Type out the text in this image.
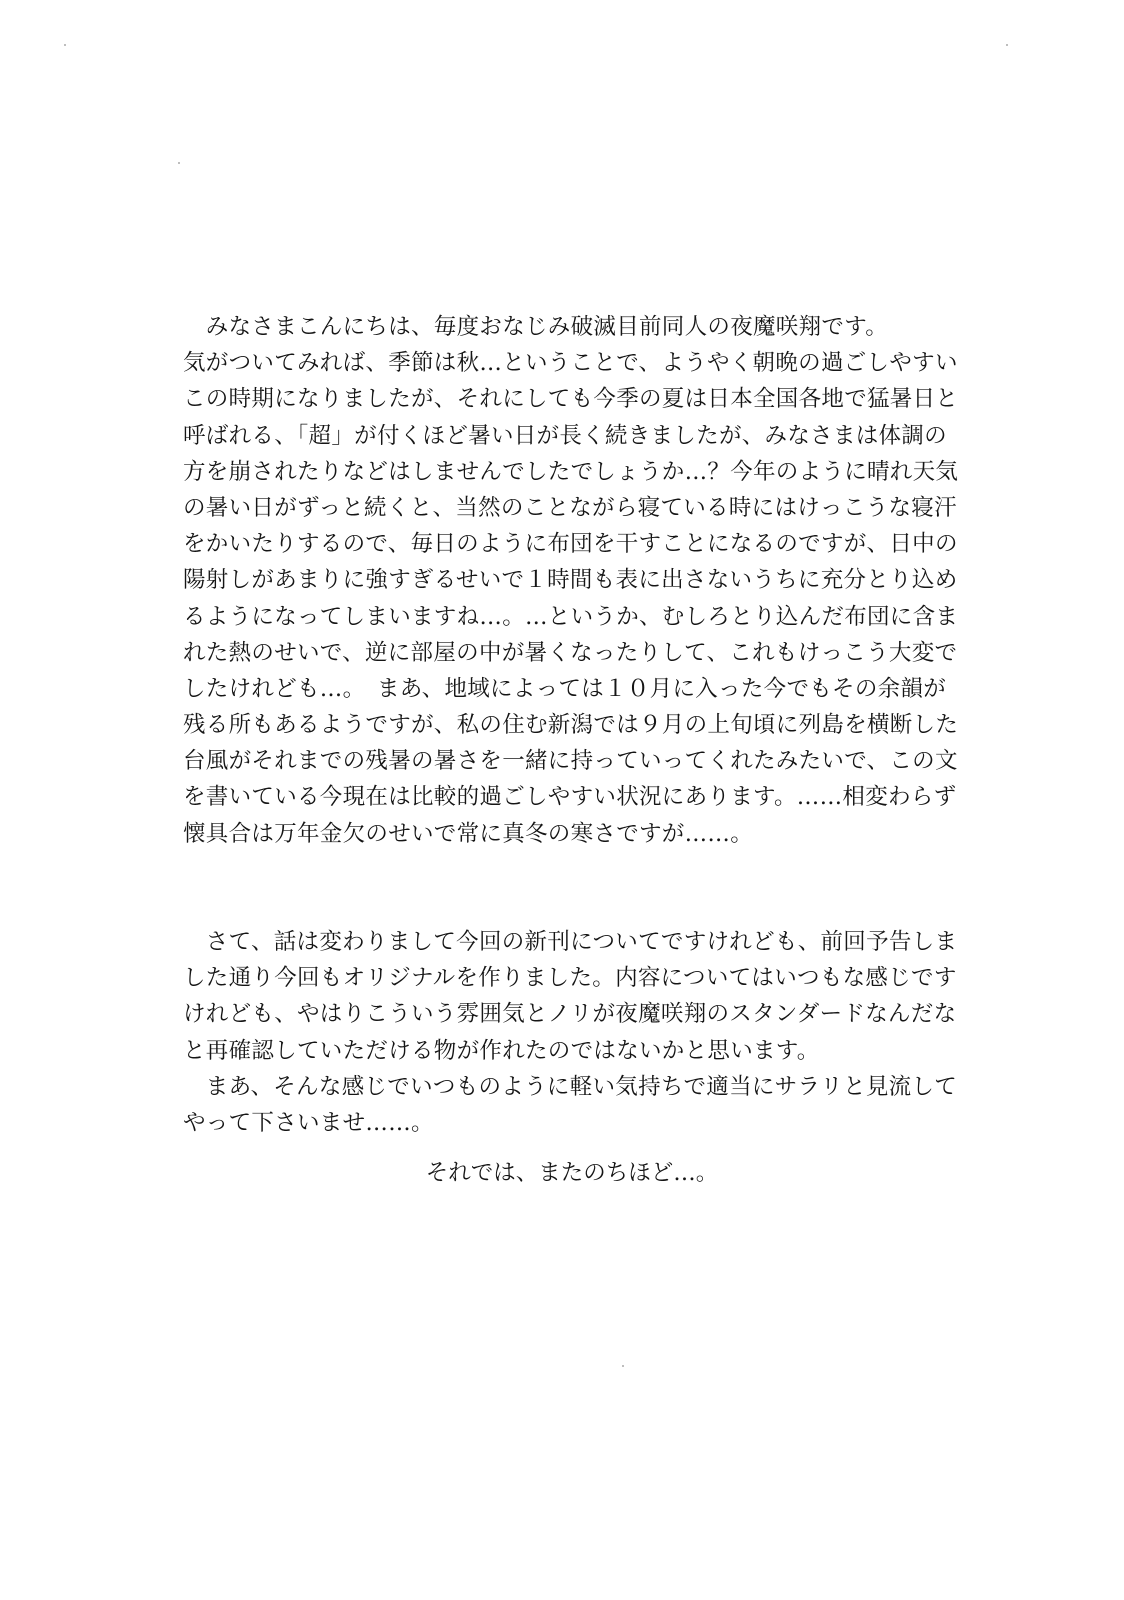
　みなさまこんにちは、毎度おなじみ破滅目前同人の夜魔咲翔です。
気がついてみれば、季節は秋…ということで、ようやく朝晩の過ごしやすい
この時期になりましたが、それにしても今季の夏は日本全国各地で猛暑日と
呼ばれる、「超」が付くほど暑い日が長く続きましたが、みなさまは体調の
方を崩されたりなどはしませんでしたでしょうか…？今年のように晴れ天気
の暑い日がずっと続くと、当然のことながら寝ている時にはけっこうな寝汗
をかいたりするので、毎日のように布団を干すことになるのですが、日中の
陽射しがあまりに強すぎるせいで１時間も表に出さないうちに充分とり込め
るようになってしまいますね…。…というか、むしろとり込んだ布団に含ま
れた熱のせいで、逆に部屋の中が暑くなったりして、これもけっこう大変で
したけれども…。　まあ、地域によっては１０月に入った今でもその余韻が
残る所もあるようですが、私の住む新潟では９月の上旬頃に列島を横断した
台風がそれまでの残暑の暑さを一緒に持っていってくれたみたいで、この文
を書いている今現在は比較的過ごしやすい状況にあります。……相変わらず
懐具合は万年金欠のせいで常に真冬の寒さですが……。
　さて、話は変わりまして今回の新刊についてですけれども、前回予告しま
した通り今回もオリジナルを作りました。内容についてはいつもな感じです
けれども、やはりこういう雰囲気とノリが夜魔咲翔のスタンダードなんだな
と再確認していただける物が作れたのではないかと思います。
　まあ、そんな感じでいつものように軽い気持ちで適当にサラリと見流して
やって下さいませ……。
それでは、またのちほど…。
